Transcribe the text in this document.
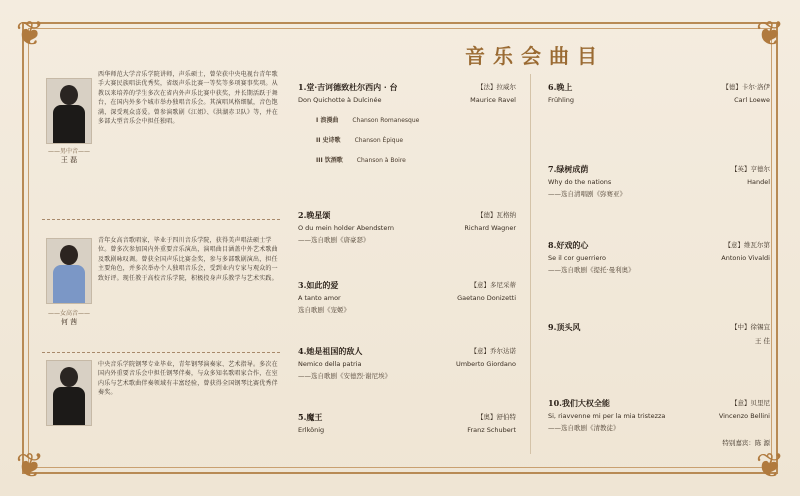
❦	❦
❦	❦
音乐会曲目
——男中音——
王 磊
西华师范大学音乐学院讲师，声乐硕士，曾荣获中央电视台青年歌手大赛民族唱法优秀奖，省级声乐比赛一等奖等多项赛事奖项。从教以来培养的学生多次在省内外声乐比赛中获奖，并长期活跃于舞台，在国内外多个城市举办独唱音乐会。其演唱风格细腻，音色饱满，深受观众喜爱。曾参演歌剧《江姐》、《洪湖赤卫队》等，并在多部大型音乐会中担任独唱。
——女高音——
何 茜
青年女高音歌唱家，毕业于四川音乐学院，获得美声唱法硕士学位。曾多次参加国内外重要音乐演出，演唱曲目涵盖中外艺术歌曲及歌剧咏叹调。曾获全国声乐比赛金奖，参与多部歌剧演出，担任主要角色，并多次举办个人独唱音乐会，受到业内专家与观众的一致好评。现任教于高校音乐学院，积极投身声乐教学与艺术实践。
中央音乐学院钢琴专业毕业，青年钢琴演奏家、艺术指导。多次在国内外重要音乐会中担任钢琴伴奏，与众多知名歌唱家合作，在室内乐与艺术歌曲伴奏领域有丰富经验，曾获得全国钢琴比赛优秀伴奏奖。
1.堂·吉诃德致杜尔西内 · 台	【法】拉威尔
Don Quichotte à Dulcinée	Maurice Ravel
I 浪漫曲 Chanson Romanesque
II 史诗歌 Chanson Épique
III 饮酒歌 Chanson à Boire
2.晚星颂	【德】瓦格纳
O du mein holder Abendstern	Richard Wagner
——选自歌剧《唐豪瑟》
3.如此的爱	【意】多尼采蒂
A tanto amor	Gaetano Donizetti
选自歌剧《宠姬》
4.她是祖国的敌人	【意】乔尔达诺
Nemico della patria	Umberto Giordano
——选自歌剧《安德烈·谢尼埃》
5.魔王	【奥】舒伯特
Erlkönig	Franz Schubert
6.晚上	【德】卡尔·洛伊
Frühling	Carl Loewe
7.绿树成荫	【英】亨德尔
Why do the nations	Handel
——选自清唱剧《弥赛亚》
8.好戏的心	【意】维瓦尔第
Se il cor guerriero	Antonio Vivaldi
——选自歌剧《提托·曼利奥》
9.顶头风	【中】徐锡宜
王 佳
10.我们大权全能	【意】贝里尼
Si, riavvenne mi per la mia tristezza	Vincenzo Bellini
——选自歌剧《清教徒》
特别嘉宾：陈 源
